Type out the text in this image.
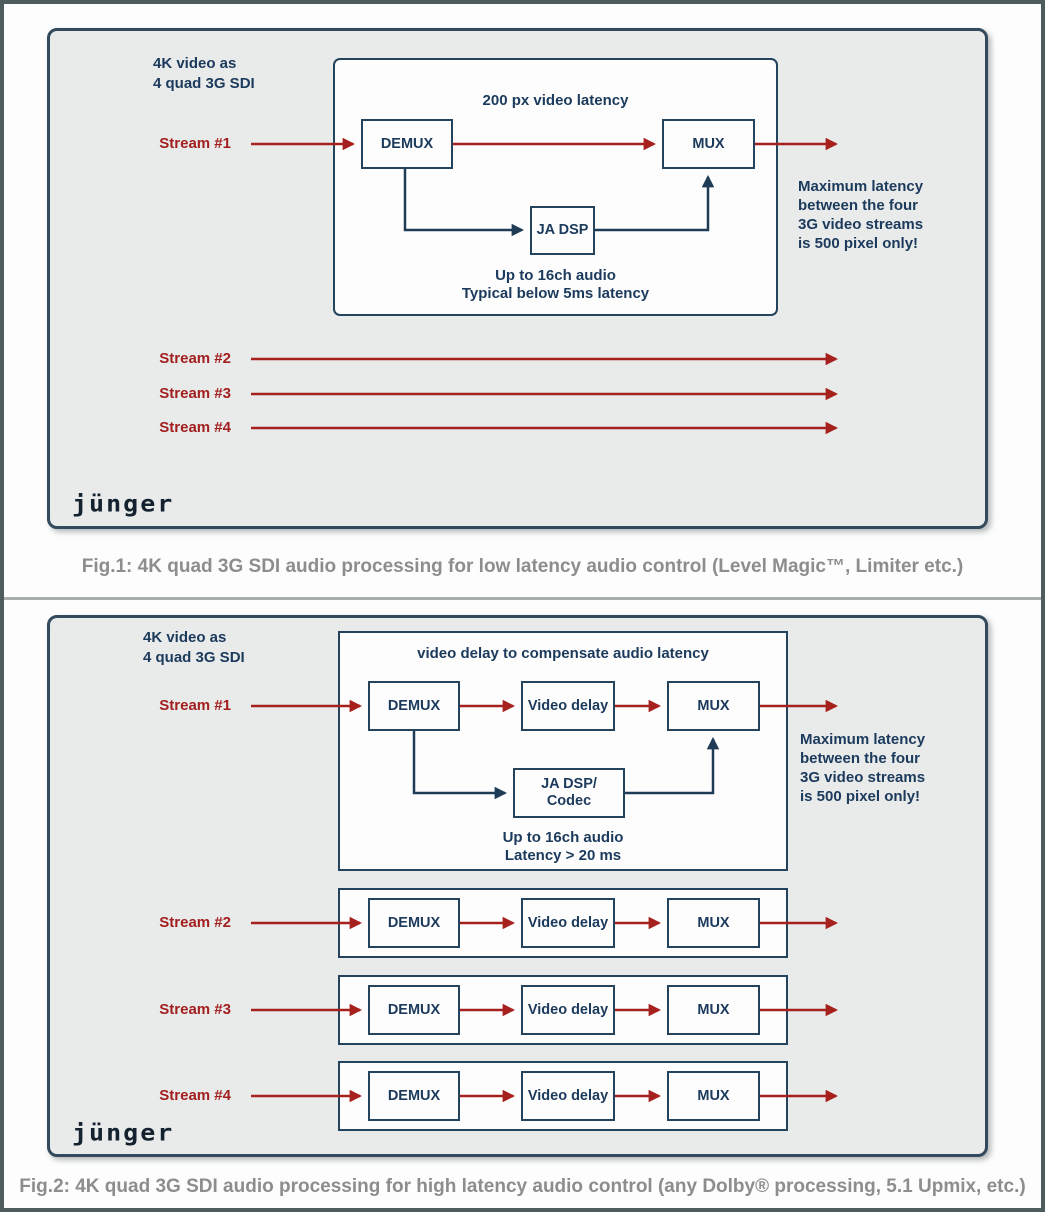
4K video as
4 quad 3G SDI
200 px video latency
DEMUX	MUX
JA DSP
Up to 16ch audio
Typical below 5ms latency
Maximum latency
between the four
3G video streams
is 500 pixel only!
Stream #1
Stream #2
Stream #3
Stream #4
jünger
Fig.1: 4K quad 3G SDI audio processing for low latency audio control (Level Magic™, Limiter etc.)
4K video as
4 quad 3G SDI	video delay to compensate audio latency
DEMUX	Video delay	MUX
JA DSP/
Codec
Up to 16ch audio
Latency > 20 ms
Maximum latency
between the four
3G video streams
is 500 pixel only!
DEMUX	Video delay	MUX
DEMUX	Video delay	MUX
DEMUX	Video delay	MUX
Stream #1
Stream #2
Stream #3
Stream #4
jünger
Fig.2: 4K quad 3G SDI audio processing for high latency audio control (any Dolby® processing, 5.1 Upmix, etc.)
